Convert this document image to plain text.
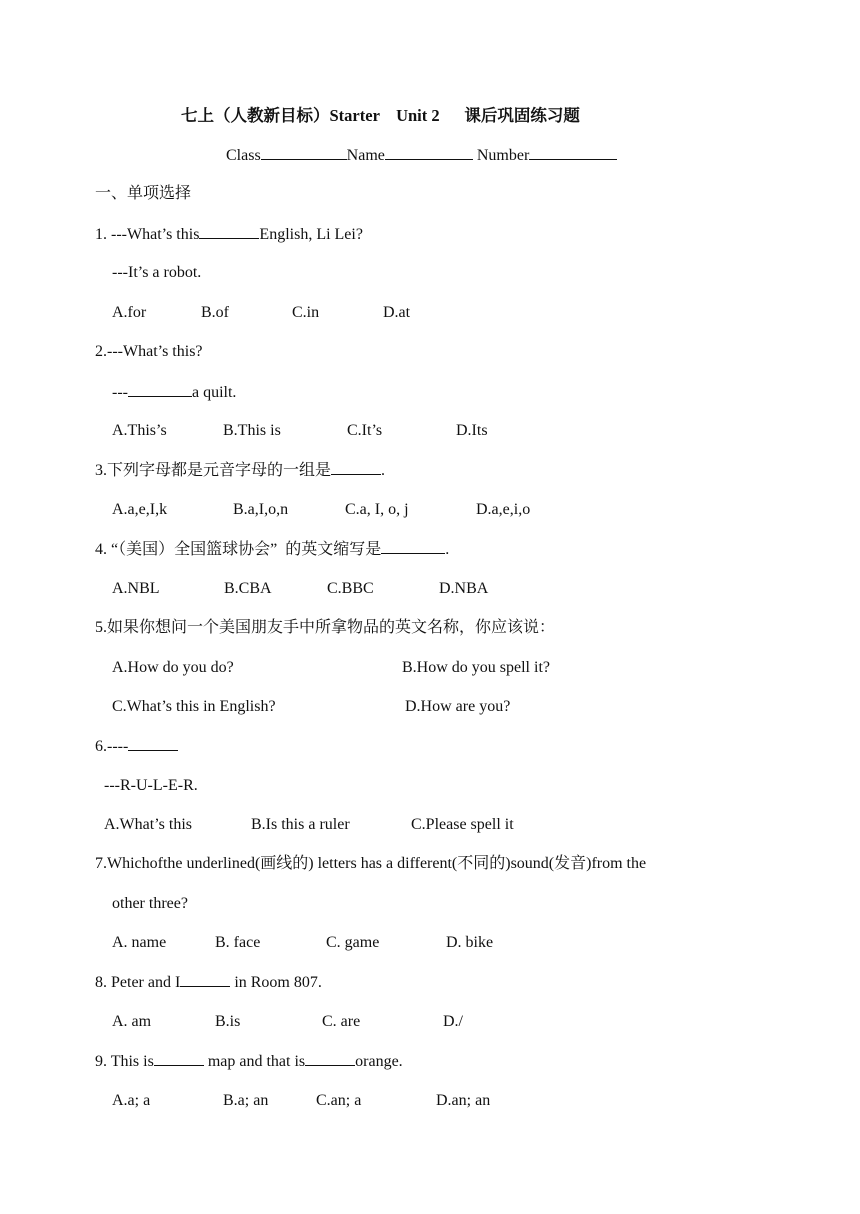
七上（人教新目标）Starter    Unit 2      课后巩固练习题
Class	Name	Number
一、单项选择
1. ---What’s this	English, Li Lei?
---It’s a robot.
A.for	B.of	C.in	D.at
2.---What’s this?
---	a quilt.
A.This’s	B.This is	C.It’s	D.Its
3.下列字母都是元音字母的一组是	.
A.a,e,I,k	B.a,I,o,n	C.a, I, o, j	D.a,e,i,o
4. “（美国）全国篮球协会”  的英文缩写是	.
A.NBL	B.CBA	C.BBC	D.NBA
5.如果你想问一个美国朋友手中所拿物品的英文名称，你应该说：
A.How do you do?	B.How do you spell it?
C.What’s this in English?	D.How are you?
6.----
---R-U-L-E-R.
A.What’s this	B.Is this a ruler	C.Please spell it
7.Whichofthe underlined(画线的) letters has a different(不同的)sound(发音)from the
other three?
A. name	B. face	C. game	D. bike
8. Peter and I	in Room 807.
A. am	B.is	C. are	D./
9. This is	map and that is	orange.
A.a; a	B.a; an	C.an; a	D.an; an
